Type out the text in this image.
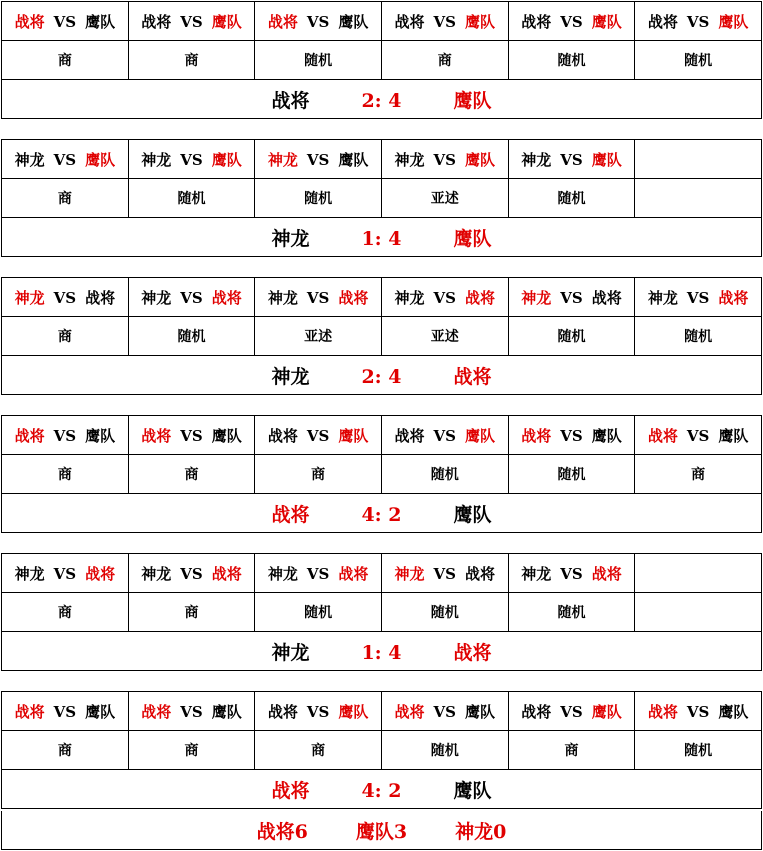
战将 VS 鹰队	战将 VS 鹰队	战将 VS 鹰队	战将 VS 鹰队	战将 VS 鹰队	战将 VS 鹰队
商	商	随机	商	随机	随机
战将 2: 4 鹰队					
神龙 VS 鹰队	神龙 VS 鹰队	神龙 VS 鹰队	神龙 VS 鹰队	神龙 VS 鹰队	
商	随机	随机	亚述	随机	
神龙 1: 4 鹰队					
神龙 VS 战将	神龙 VS 战将	神龙 VS 战将	神龙 VS 战将	神龙 VS 战将	神龙 VS 战将
商	随机	亚述	亚述	随机	随机
神龙 2: 4 战将					
战将 VS 鹰队	战将 VS 鹰队	战将 VS 鹰队	战将 VS 鹰队	战将 VS 鹰队	战将 VS 鹰队
商	商	商	随机	随机	商
战将 4: 2 鹰队					
神龙 VS 战将	神龙 VS 战将	神龙 VS 战将	神龙 VS 战将	神龙 VS 战将	
商	商	随机	随机	随机	
神龙 1: 4 战将					
战将 VS 鹰队	战将 VS 鹰队	战将 VS 鹰队	战将 VS 鹰队	战将 VS 鹰队	战将 VS 鹰队
商	商	商	随机	商	随机
战将 4: 2 鹰队					
战将6	鹰队3	神龙0
